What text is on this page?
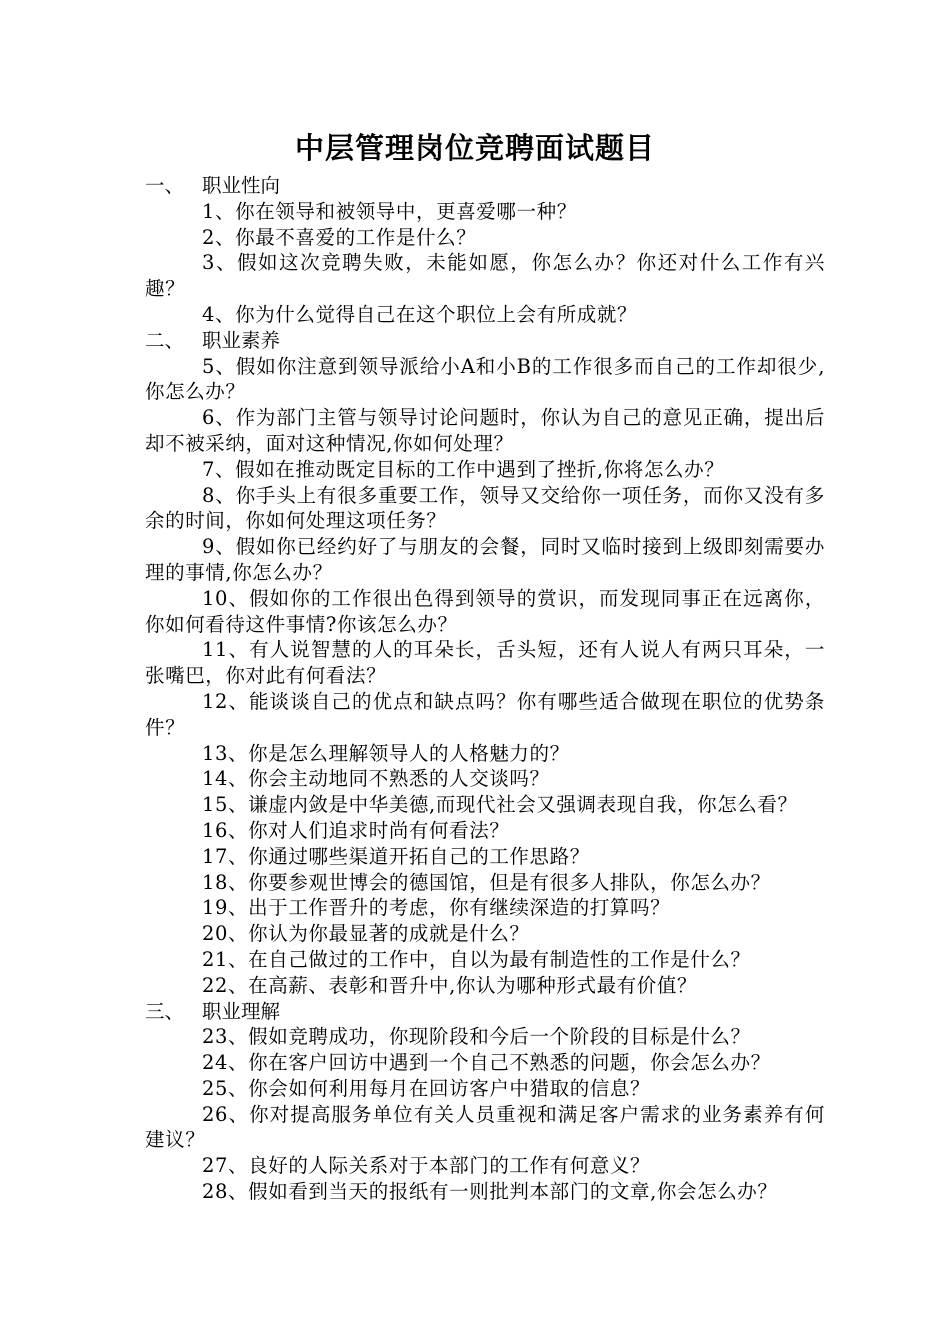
中层管理岗位竞聘面试题目

一、 职业性向

1、你在领导和被领导中，更喜爱哪一种？

2、你最不喜爱的工作是什么？

3、假如这次竞聘失败，未能如愿，你怎么办？你还对什么工作有兴趣？

4、你为什么觉得自己在这个职位上会有所成就？

二、 职业素养

5、假如你注意到领导派给小A和小B的工作很多而自己的工作却很少,你怎么办？

6、作为部门主管与领导讨论问题时，你认为自己的意见正确，提出后却不被采纳，面对这种情况,你如何处理？

7、假如在推动既定目标的工作中遇到了挫折,你将怎么办？

8、你手头上有很多重要工作，领导又交给你一项任务，而你又没有多余的时间，你如何处理这项任务？

9、假如你已经约好了与朋友的会餐，同时又临时接到上级即刻需要办理的事情,你怎么办？

10、假如你的工作很出色得到领导的赏识，而发现同事正在远离你，你如何看待这件事情?你该怎么办？

11、有人说智慧的人的耳朵长，舌头短，还有人说人有两只耳朵，一张嘴巴，你对此有何看法？

12、能谈谈自己的优点和缺点吗？你有哪些适合做现在职位的优势条件？

13、你是怎么理解领导人的人格魅力的？

14、你会主动地同不熟悉的人交谈吗？

15、谦虚内敛是中华美德,而现代社会又强调表现自我，你怎么看？

16、你对人们追求时尚有何看法？

17、你通过哪些渠道开拓自己的工作思路？

18、你要参观世博会的德国馆，但是有很多人排队，你怎么办？

19、出于工作晋升的考虑，你有继续深造的打算吗？

20、你认为你最显著的成就是什么？

21、在自己做过的工作中，自以为最有制造性的工作是什么？

22、在高薪、表彰和晋升中,你认为哪种形式最有价值？

三、 职业理解

23、假如竞聘成功，你现阶段和今后一个阶段的目标是什么？

24、你在客户回访中遇到一个自己不熟悉的问题，你会怎么办？

25、你会如何利用每月在回访客户中猎取的信息？

26、你对提高服务单位有关人员重视和满足客户需求的业务素养有何建议？

27、良好的人际关系对于本部门的工作有何意义？

28、假如看到当天的报纸有一则批判本部门的文章,你会怎么办？
